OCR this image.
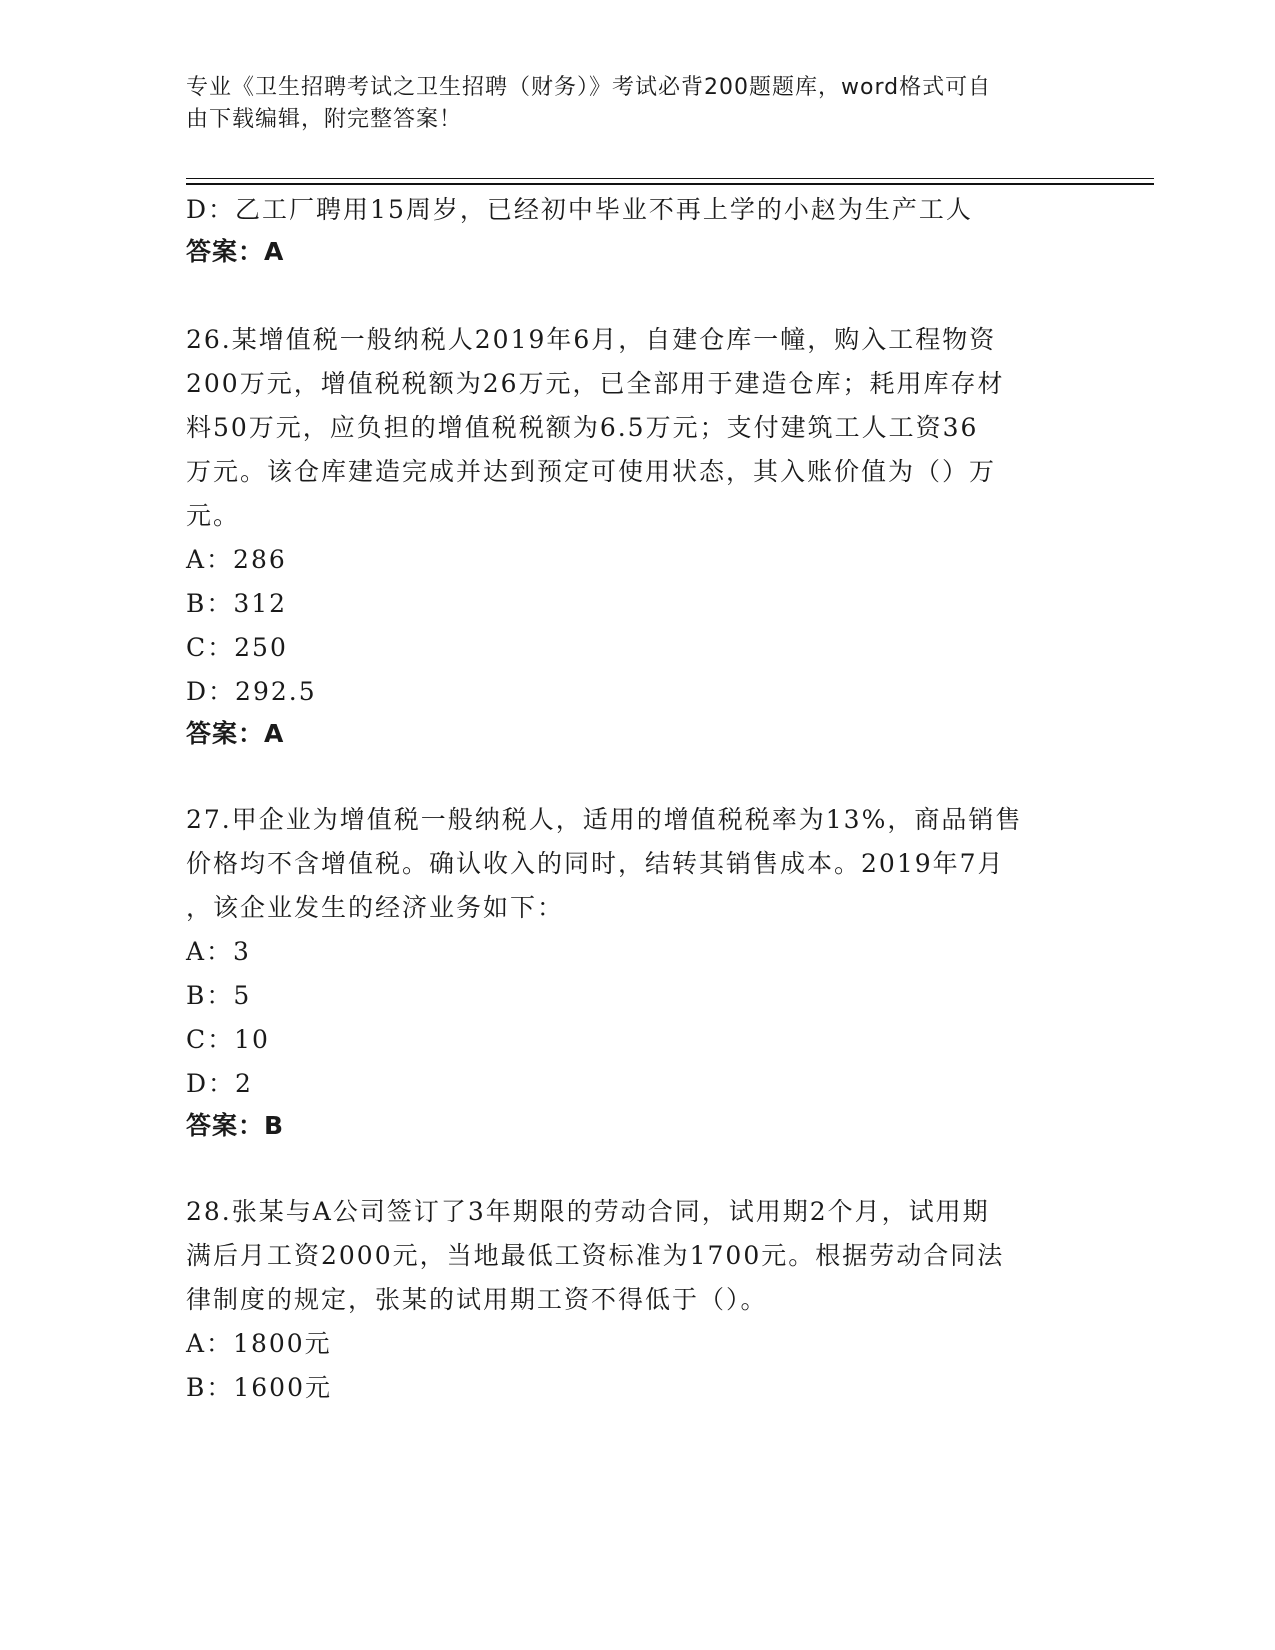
专业《卫生招聘考试之卫生招聘（财务）》考试必背200题题库，word格式可自
由下载编辑，附完整答案！
D：乙工厂聘用15周岁，已经初中毕业不再上学的小赵为生产工人
答案：A
26.某增值税一般纳税人2019年6月，自建仓库一幢，购入工程物资
200万元，增值税税额为26万元，已全部用于建造仓库；耗用库存材
料50万元，应负担的增值税税额为6.5万元；支付建筑工人工资36
万元。该仓库建造完成并达到预定可使用状态，其入账价值为（）万
元。
A：286
B：312
C：250
D：292.5
答案：A
27.甲企业为增值税一般纳税人，适用的增值税税率为13%，商品销售
价格均不含增值税。确认收入的同时，结转其销售成本。2019年7月
，该企业发生的经济业务如下：
A：3
B：5
C：10
D：2
答案：B
28.张某与A公司签订了3年期限的劳动合同，试用期2个月，试用期
满后月工资2000元，当地最低工资标准为1700元。根据劳动合同法
律制度的规定，张某的试用期工资不得低于（）。
A：1800元
B：1600元
